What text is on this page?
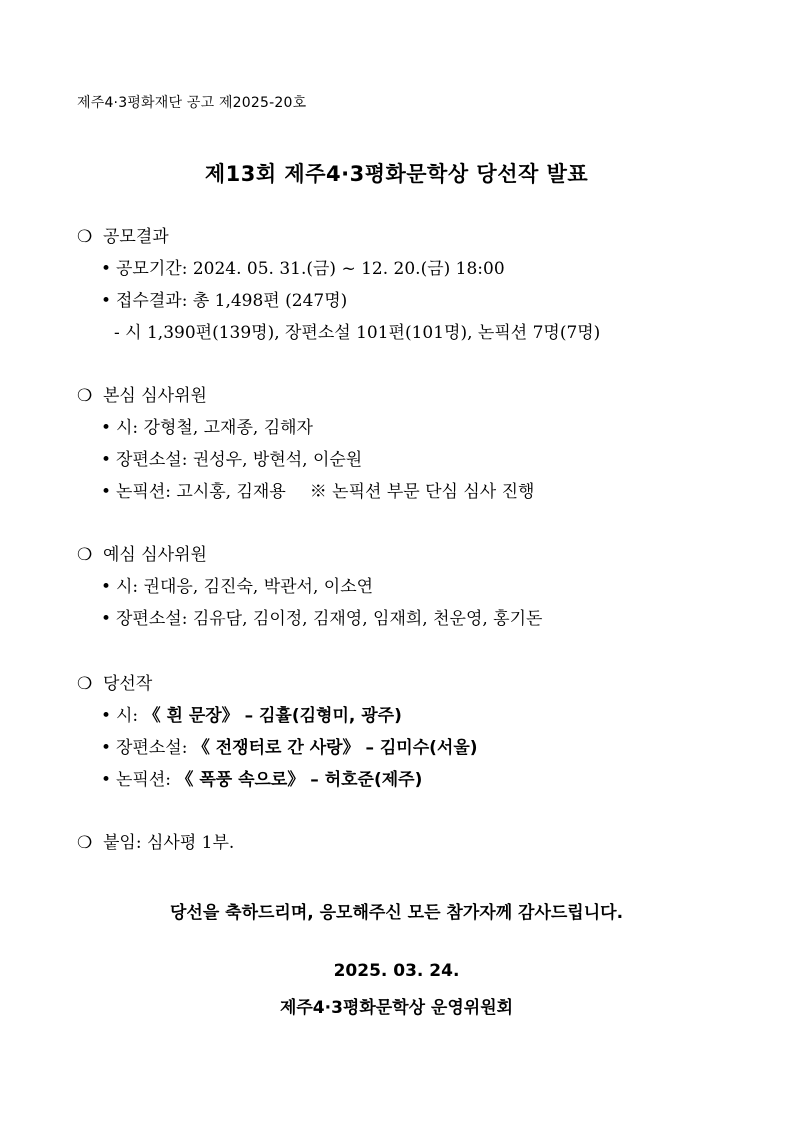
제주4·3평화재단 공고 제2025-20호
제13회 제주4·3평화문학상 당선작 발표
❍ 공모결과
• 공모기간: 2024. 05. 31.(금) ~ 12. 20.(금) 18:00
• 접수결과: 총 1,498편 (247명)
- 시 1,390편(139명), 장편소설 101편(101명), 논픽션 7명(7명)
❍ 본심 심사위원
• 시: 강형철, 고재종, 김해자
• 장편소설: 권성우, 방현석, 이순원
• 논픽션: 고시홍, 김재용 ※ 논픽션 부문 단심 심사 진행
❍ 예심 심사위원
• 시: 권대응, 김진숙, 박관서, 이소연
• 장편소설: 김유담, 김이정, 김재영, 임재희, 천운영, 홍기돈
❍ 당선작
• 시: 《 흰 문장》 – 김휼(김형미, 광주)
• 장편소설: 《 전쟁터로 간 사랑》 – 김미수(서울)
• 논픽션: 《 폭풍 속으로》 – 허호준(제주)
❍ 붙임: 심사평 1부.
당선을 축하드리며, 응모해주신 모든 참가자께 감사드립니다.
2025. 03. 24.
제주4·3평화문학상 운영위원회
